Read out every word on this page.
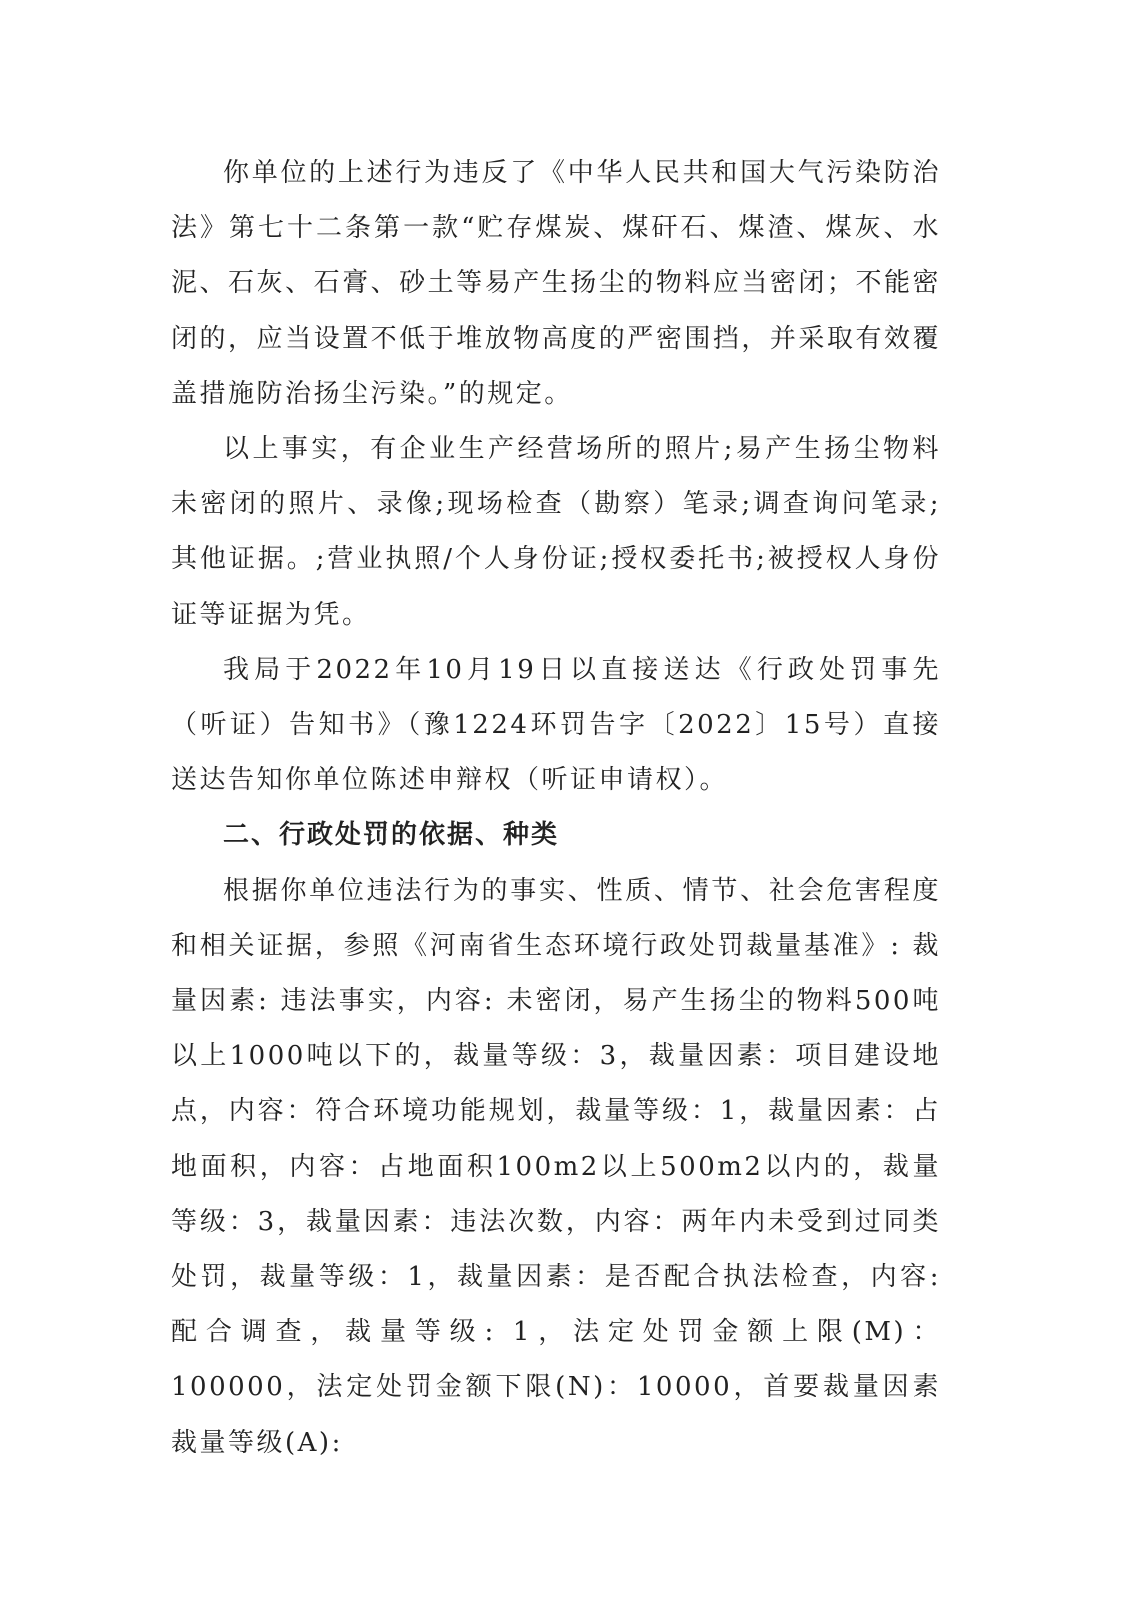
你单位的上述行为违反了《中华人民共和国大气污染防治法》第七十二条第一款“贮存煤炭、煤矸石、煤渣、煤灰、水泥、石灰、石膏、砂土等易产生扬尘的物料应当密闭；不能密闭的，应当设置不低于堆放物高度的严密围挡，并采取有效覆盖措施防治扬尘污染。”的规定。

以上事实，有企业生产经营场所的照片;易产生扬尘物料未密闭的照片、录像;现场检查（勘察）笔录;调查询问笔录;其他证据。;营业执照/个人身份证;授权委托书;被授权人身份证等证据为凭。

我局于2022年10月19日以直接送达《行政处罚事先（听证）告知书》（豫1224环罚告字〔2022〕15号）直接送达告知你单位陈述申辩权（听证申请权）。

二、行政处罚的依据、种类

根据你单位违法行为的事实、性质、情节、社会危害程度和相关证据，参照《河南省生态环境行政处罚裁量基准》: 裁量因素: 违法事实，内容: 未密闭，易产生扬尘的物料500吨以上1000吨以下的，裁量等级：3，裁量因素：项目建设地点，内容：符合环境功能规划，裁量等级：1，裁量因素：占地面积，内容：占地面积100m2以上500m2以内的，裁量等级：3，裁量因素：违法次数，内容：两年内未受到过同类处罚，裁量等级：1，裁量因素：是否配合执法检查，内容: 配合调查，裁量等级: 1，法定处罚金额上限(M)：100000，法定处罚金额下限(N)：10000，首要裁量因素裁量等级(A):
